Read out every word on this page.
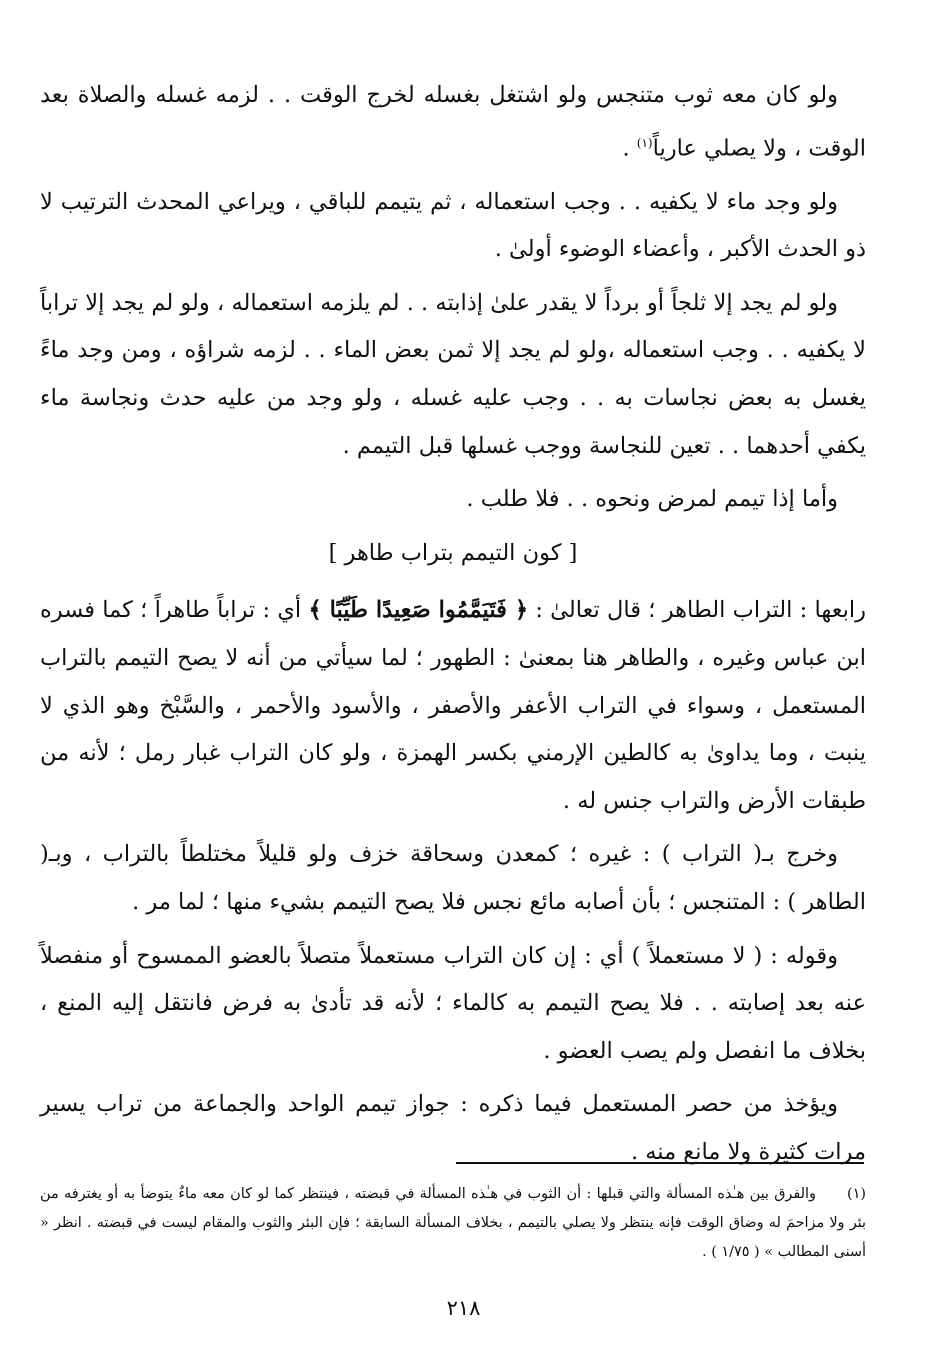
ولو كان معه ثوب متنجس ولو اشتغل بغسله لخرج الوقت . . لزمه غسله والصلاة بعد الوقت ، ولا يصلي عارياً$^{(١)}$ .

ولو وجد ماء لا يكفيه . . وجب استعماله ، ثم يتيمم للباقي ، ويراعي المحدث الترتيب لا ذو الحدث الأكبر ، وأعضاء الوضوء أولىٰ .

ولو لم يجد إلا ثلجاً أو برداً لا يقدر علىٰ إذابته . . لم يلزمه استعماله ، ولو لم يجد إلا تراباً لا يكفيه . . وجب استعماله ،ولو لم يجد إلا ثمن بعض الماء . . لزمه شراؤه ، ومن وجد ماءً يغسل به بعض نجاسات به . . وجب عليه غسله ، ولو وجد من عليه حدث ونجاسة ماء يكفي أحدهما . . تعين للنجاسة ووجب غسلها قبل التيمم .

وأما إذا تيمم لمرض ونحوه . . فلا طلب .

[ كون التيمم بتراب طاهر ]

رابعها : التراب الطاهر ؛ قال تعالىٰ : ﴿ فَتَيَمَّمُوا صَعِيدًا طَيِّبًا ﴾ أي : تراباً طاهراً ؛ كما فسره ابن عباس وغيره ، والطاهر هنا بمعنىٰ : الطهور ؛ لما سيأتي من أنه لا يصح التيمم بالتراب المستعمل ، وسواء في التراب الأعفر والأصفر ، والأسود والأحمر ، والسَّبْخ وهو الذي لا ينبت ، وما يداوىٰ به كالطين الإرمني بكسر الهمزة ، ولو كان التراب غبار رمل ؛ لأنه من طبقات الأرض والتراب جنس له .

وخرج بـ( التراب ) : غيره ؛ كمعدن وسحاقة خزف ولو قليلاً مختلطاً بالتراب ، وبـ( الطاهر ) : المتنجس ؛ بأن أصابه مائع نجس فلا يصح التيمم بشيء منها ؛ لما مر .

وقوله : ( لا مستعملاً ) أي : إن كان التراب مستعملاً متصلاً بالعضو الممسوح أو منفصلاً عنه بعد إصابته . . فلا يصح التيمم به كالماء ؛ لأنه قد تأدىٰ به فرض فانتقل إليه المنع ، بخلاف ما انفصل ولم يصب العضو .

ويؤخذ من حصر المستعمل فيما ذكره : جواز تيمم الواحد والجماعة من تراب يسير مرات كثيرة ولا مانع منه .

(١)والفرق بين هـٰذه المسألة والتي قبلها : أن الثوب في هـٰذه المسألة في قبضته ، فينتظر كما لو كان معه ماءٌ يتوضأ به أو يغترفه من بئر ولا مزاحمَ له وضاق الوقت فإنه ينتظر ولا يصلي بالتيمم ، بخلاف المسألة السابقة ؛ فإن البئر والثوب والمقام ليست في قبضته . انظر « أسنى المطالب » ( ١/٧٥ ) .
٢١٨
